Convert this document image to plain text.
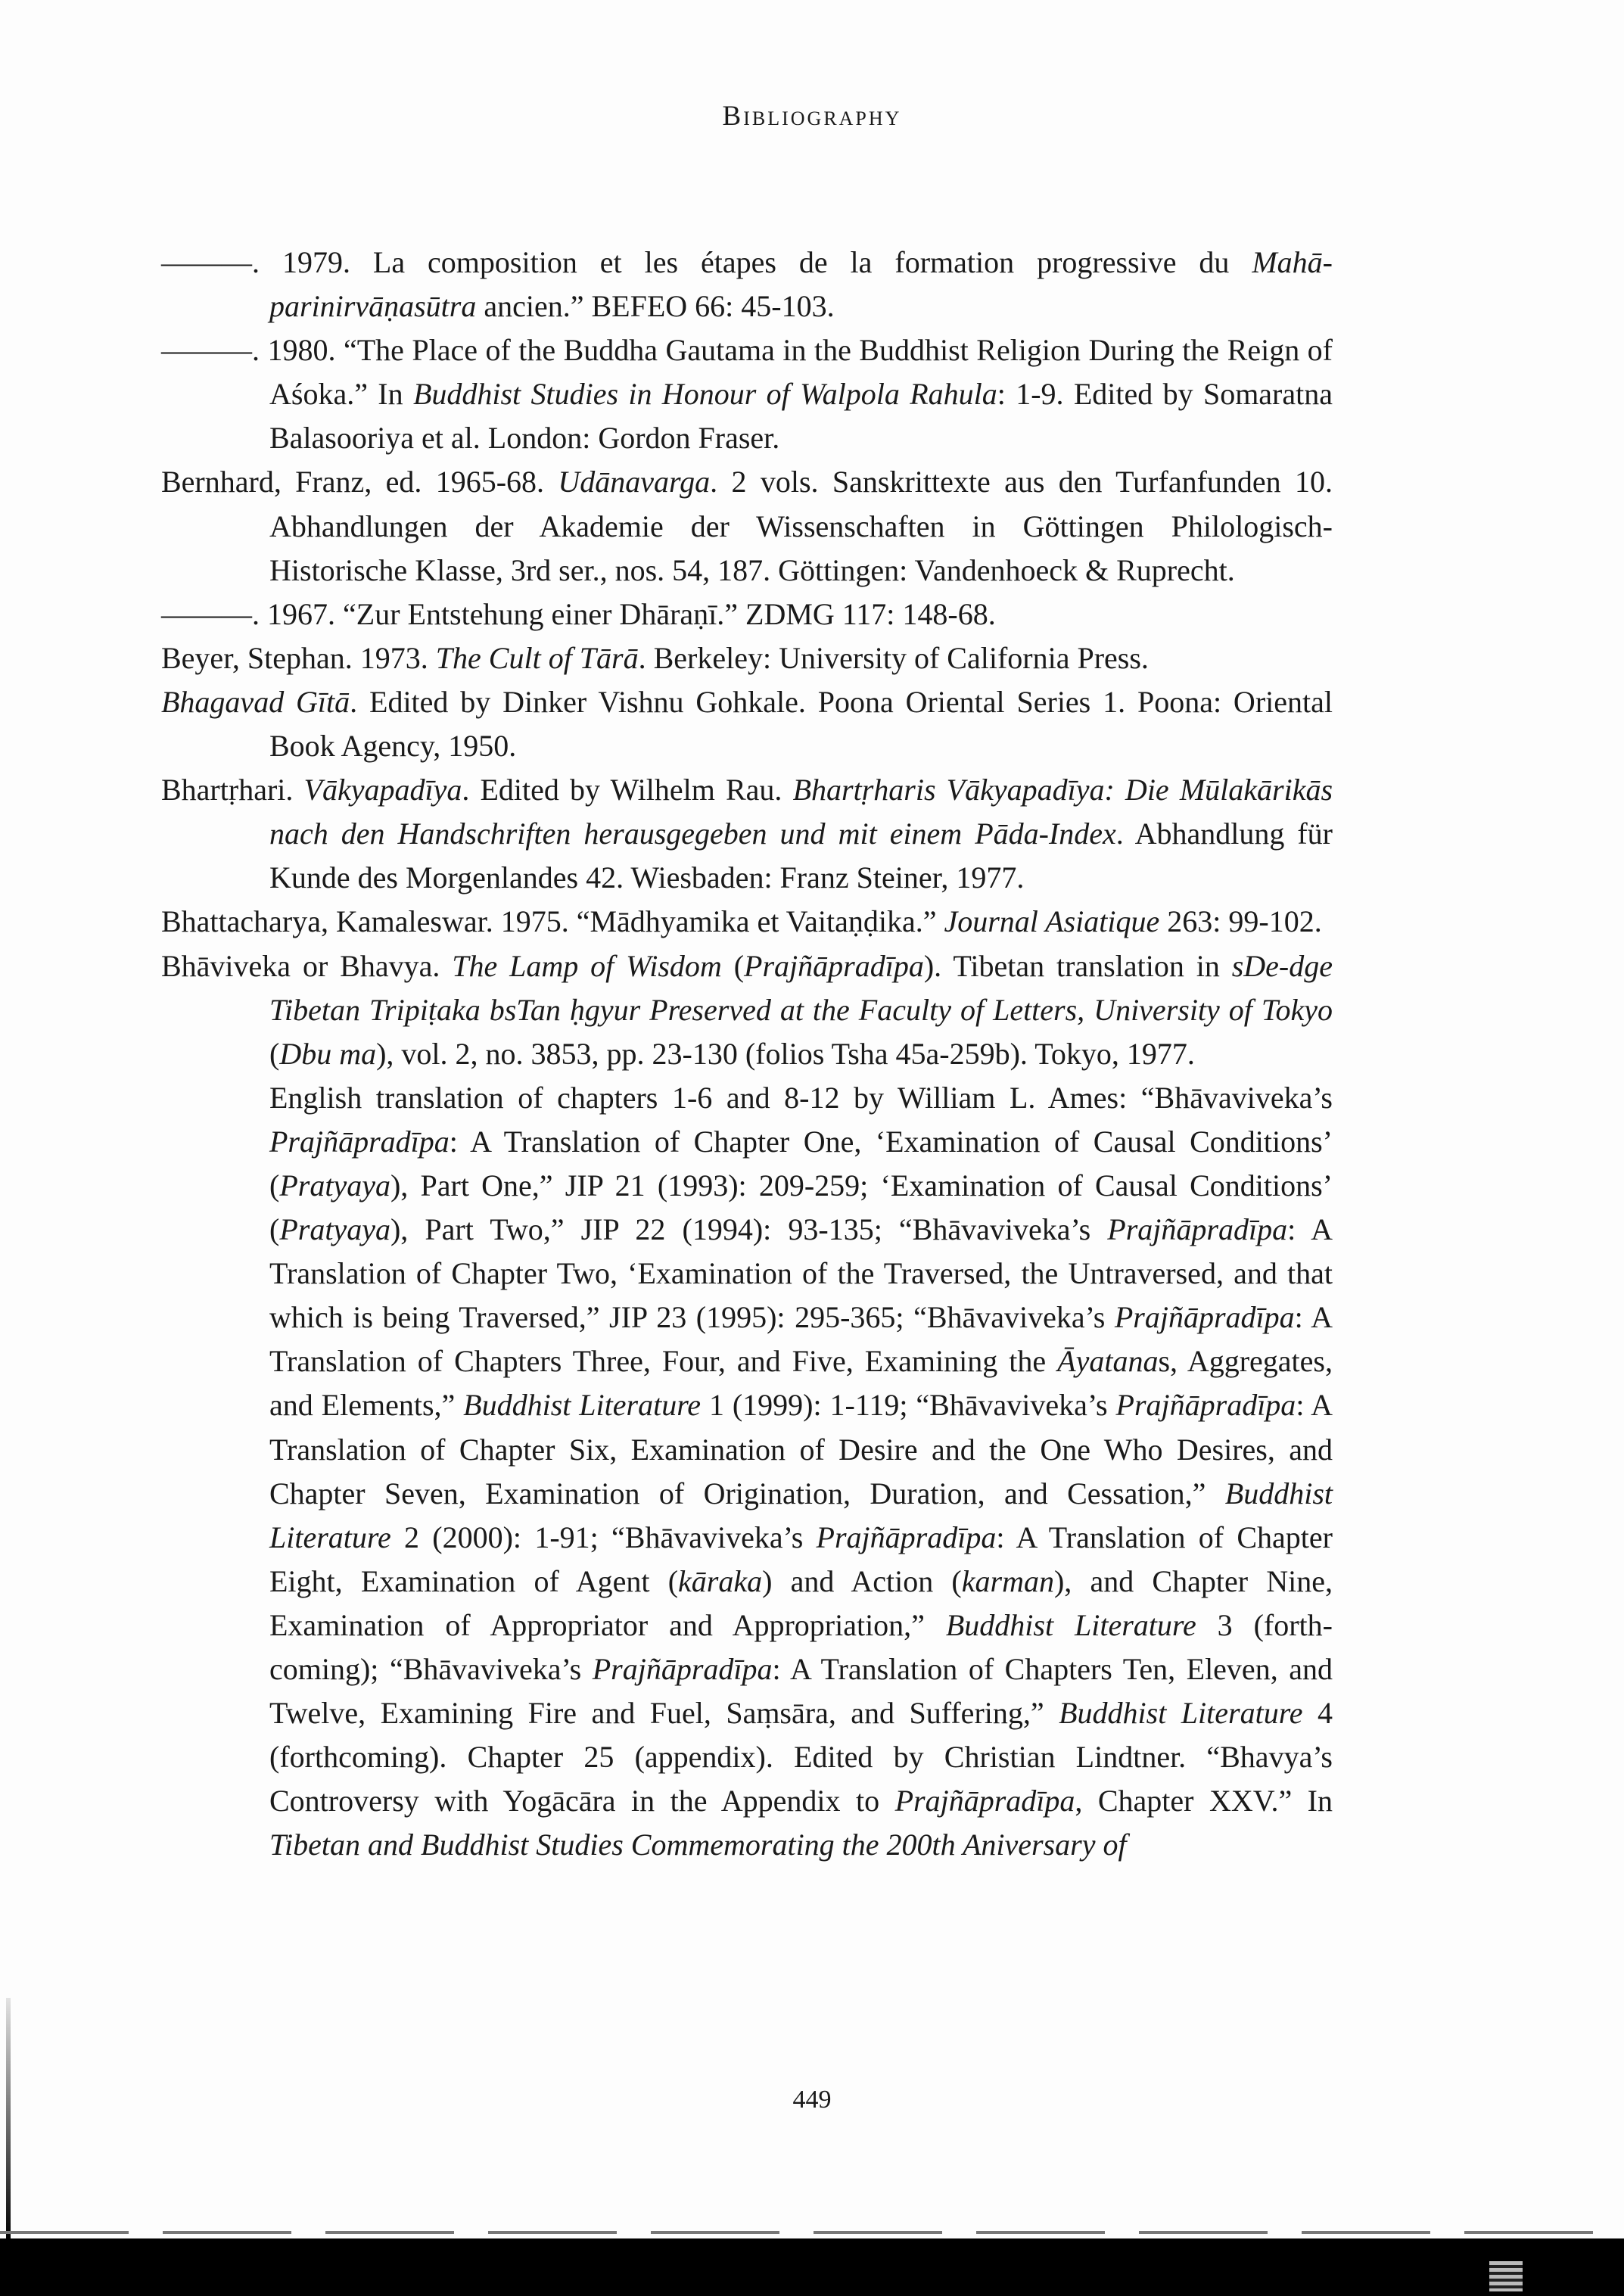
Bibliography

———. 1979. La composition et les étapes de la formation progressive du Mahā-parinirvāṇasūtra ancien.” BEFEO 66: 45-103.

———. 1980. “The Place of the Buddha Gautama in the Buddhist Religion During the Reign of Aśoka.” In Buddhist Studies in Honour of Walpola Rahula: 1-9. Edited by Somaratna Balasooriya et al. London: Gordon Fraser.

Bernhard, Franz, ed. 1965-68. Udānavarga. 2 vols. Sanskrittexte aus den Turfanfunden 10. Abhandlungen der Akademie der Wissenschaften in Göttingen Philologisch-Historische Klasse, 3rd ser., nos. 54, 187. Göttingen: Vandenhoeck & Ruprecht.

———. 1967. “Zur Entstehung einer Dhāraṇī.” ZDMG 117: 148-68.

Beyer, Stephan. 1973. The Cult of Tārā. Berkeley: University of California Press.

Bhagavad Gītā. Edited by Dinker Vishnu Gohkale. Poona Oriental Series 1. Poona: Oriental Book Agency, 1950.

Bhartṛhari. Vākyapadīya. Edited by Wilhelm Rau. Bhartṛharis Vākyapadīya: Die Mūlakārikās nach den Handschriften herausgegeben und mit einem Pāda-Index. Abhandlung für Kunde des Morgenlandes 42. Wiesbaden: Franz Steiner, 1977.

Bhattacharya, Kamaleswar. 1975. “Mādhyamika et Vaitaṇḍika.” Journal Asiatique 263: 99-102.

Bhāviveka or Bhavya. The Lamp of Wisdom (Prajñāpradīpa). Tibetan translation in sDe-dge Tibetan Tripiṭaka bsTan ḥgyur Preserved at the Faculty of Letters, University of Tokyo (Dbu ma), vol. 2, no. 3853, pp. 23-130 (folios Tsha 45a-259b). Tokyo, 1977.

English translation of chapters 1-6 and 8-12 by William L. Ames: “Bhāvaviveka’s Prajñāpradīpa: A Translation of Chapter One, ‘Examination of Causal Conditions’ (Pratyaya), Part One,” JIP 21 (1993): 209-259; ‘Examination of Causal Conditions’ (Pratyaya), Part Two,” JIP 22 (1994): 93-135; “Bhāvaviveka’s Prajñāpradīpa: A Translation of Chapter Two, ‘Examination of the Traversed, the Untraversed, and that which is being Traversed,” JIP 23 (1995): 295-365; “Bhāvaviveka’s Prajñāpradīpa: A Translation of Chapters Three, Four, and Five, Examining the Āyatanas, Aggregates, and Elements,” Buddhist Literature 1 (1999): 1-119; “Bhāvaviveka’s Prajñāpradīpa: A Translation of Chapter Six, Examination of Desire and the One Who Desires, and Chapter Seven, Examination of Origination, Duration, and Cessation,” Buddhist Literature 2 (2000): 1-91; “Bhāvaviveka’s Prajñāpradīpa: A Translation of Chapter Eight, Examination of Agent (kāraka) and Action (karman), and Chapter Nine, Examination of Appropriator and Appropriation,” Buddhist Literature 3 (forth-coming); “Bhāvaviveka’s Prajñāpradīpa: A Translation of Chapters Ten, Eleven, and Twelve, Examining Fire and Fuel, Saṃsāra, and Suffering,” Buddhist Literature 4 (forthcoming). Chapter 25 (appendix). Edited by Christian Lindtner. “Bhavya’s Controversy with Yogācāra in the Appendix to Prajñāpradīpa, Chapter XXV.” In Tibetan and Buddhist Studies Commemorating the 200th Aniversary of

449
